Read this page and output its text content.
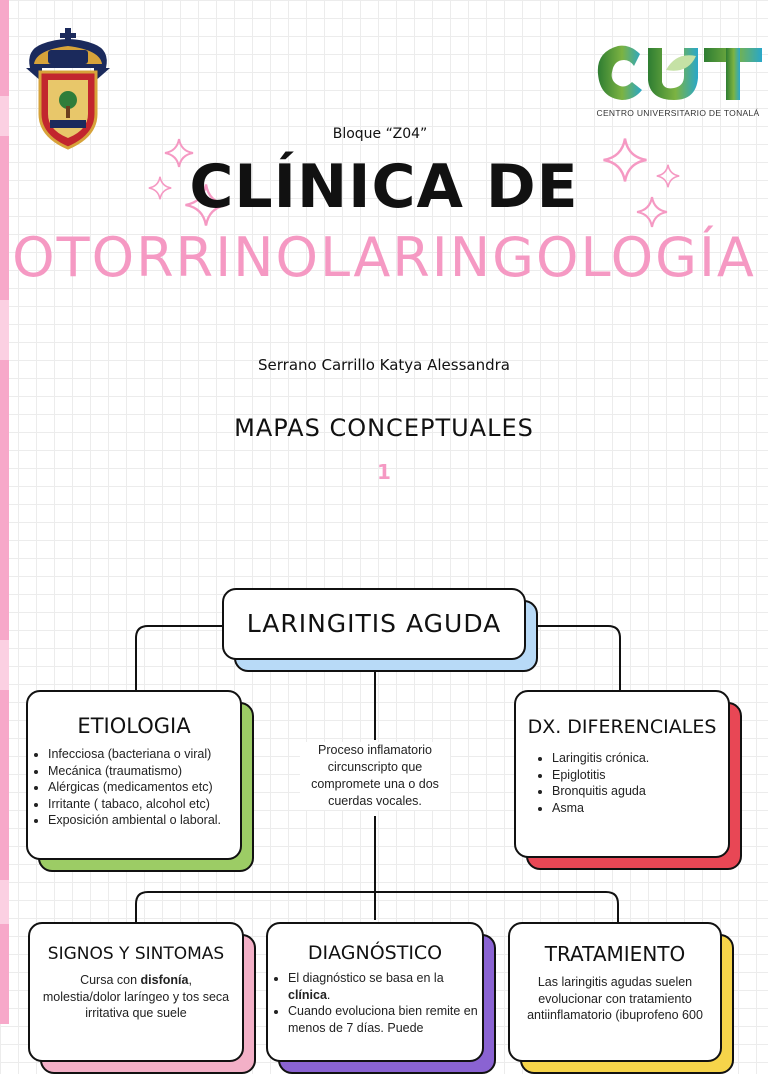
CENTRO UNIVERSITARIO DE TONALÁ
Bloque “Z04”
CLÍNICA DE
OTORRINOLARINGOLOGÍA
Serrano Carrillo Katya Alessandra
MAPAS CONCEPTUALES
1
LARINGITIS AGUDA
Proceso inflamatorio circunscripto que compromete una o dos cuerdas vocales.
ETIOLOGIA
• Infecciosa (bacteriana o viral)
• Mecánica (traumatismo)
• Alérgicas (medicamentos etc)
• Irritante ( tabaco, alcohol etc)
• Exposición ambiental o laboral.
DX. DIFERENCIALES
• Laringitis crónica.
• Epiglotitis
• Bronquitis aguda
• Asma
SIGNOS Y SINTOMAS

Cursa con disfonía, molestia/dolor laríngeo y tos seca irritativa que suele

DIAGNÓSTICO
• El diagnóstico se basa en la clínica.
• Cuando evoluciona bien remite en menos de 7 días. Puede
TRATAMIENTO

Las laringitis agudas suelen evolucionar con tratamiento antiinflamatorio (ibuprofeno 600
